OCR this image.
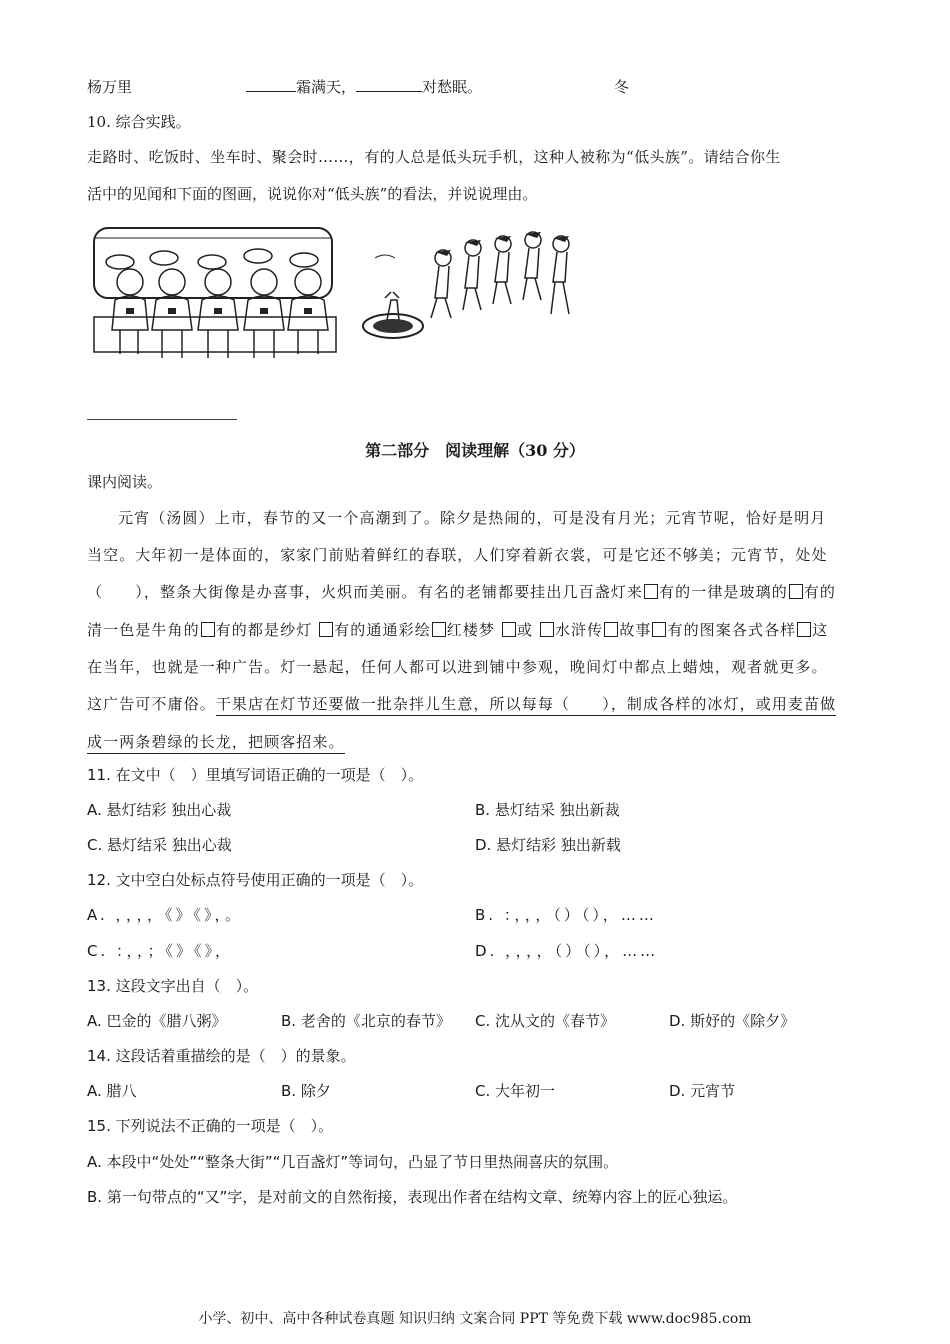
杨万里	霜满天，	对愁眠。	冬
10. 综合实践。
走路时、吃饭时、坐车时、聚会时……，有的人总是低头玩手机，这种人被称为“低头族”。请结合你生
活中的见闻和下面的图画，说说你对“低头族”的看法，并说说理由。
第二部分　阅读理解（30 分）
课内阅读。
元宵（汤圆）上市，春节的又一个高潮到了。除夕是热闹的，可是没有月光；元宵节呢，恰好是明月
当空。大年初一是体面的，家家门前贴着鲜红的春联，人们穿着新衣裳，可是它还不够美；元宵节，处处
（　　），整条大街像是办喜事，火炽而美丽。有名的老铺都要挂出几百盏灯来 有的一律是玻璃的 有的
清一色是牛角的 有的都是纱灯 有的通通彩绘 红楼梦 或 水浒传 故事 有的图案各式各样 这
在当年，也就是一种广告。灯一悬起，任何人都可以进到铺中参观，晚间灯中都点上蜡烛，观者就更多。
这广告可不庸俗。干果店在灯节还要做一批杂拌儿生意，所以每每（　　），制成各样的冰灯，或用麦苗做
成一两条碧绿的长龙，把顾客招来。
11. 在文中（　）里填写词语正确的一项是（　）。
A. 悬灯结彩 独出心裁	B. 悬灯结采 独出新裁
C. 悬灯结采 独出心裁	D. 悬灯结彩 独出新载
12. 文中空白处标点符号使用正确的一项是（　）。
A. ，，，，《》《》，。	B. ：，，，（）（），……
C. ：，，；《》《》，	D. ，，，，（）（），……
13. 这段文字出自（　）。
A. 巴金的《腊八粥》	B. 老舍的《北京的春节》 C. 沈从文的《春节》	D. 斯妤的《除夕》
14. 这段话着重描绘的是（　）的景象。
A. 腊八	B. 除夕	C. 大年初一	D. 元宵节
15. 下列说法不正确的一项是（　）。
A. 本段中“处处”“整条大街”“几百盏灯”等词句，凸显了节日里热闹喜庆的氛围。
B. 第一句带点的“又”字，是对前文的自然衔接，表现出作者在结构文章、统筹内容上的匠心独运。
小学、初中、高中各种试卷真题 知识归纳 文案合同 PPT 等免费下载 www.doc985.com
